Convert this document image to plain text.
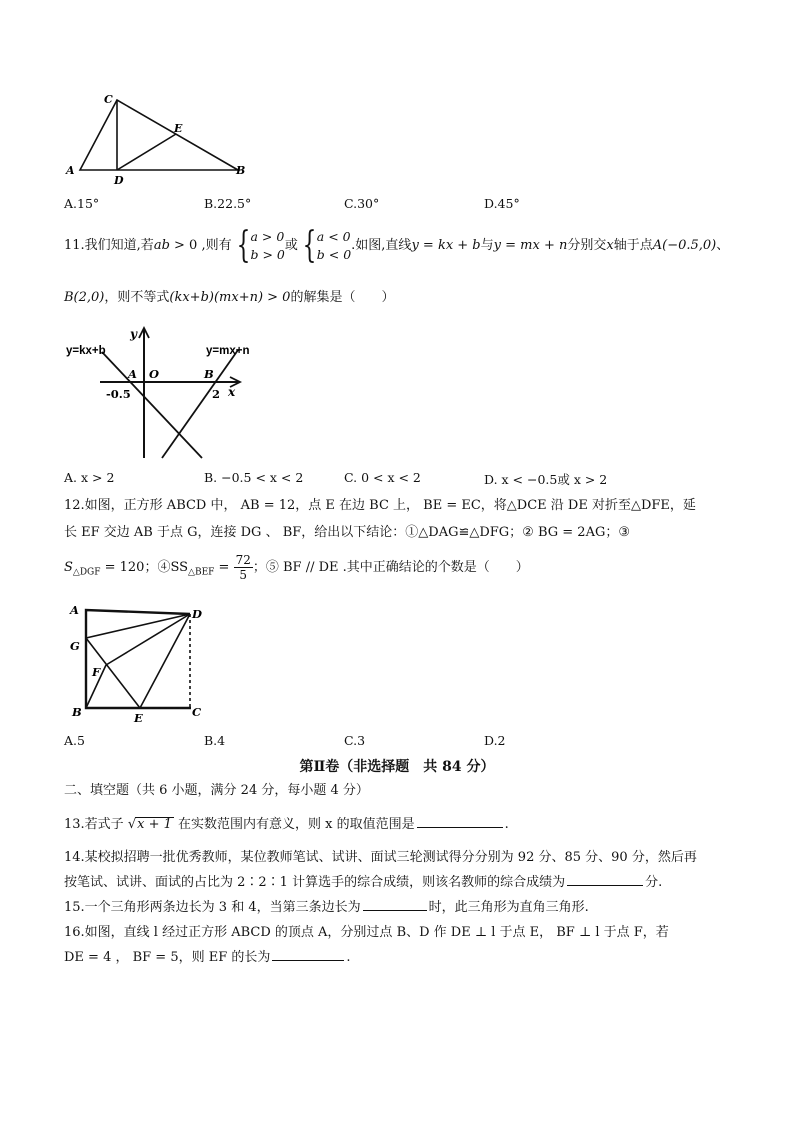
C
E
A
D
B
A.15°	B.22.5°	C.30°	D.45°
11.我们知道,若ab > 0 ,则有 {a > 0
b > 0或 {a < 0
b < 0.如图,直线y = kx + b与y = mx + n分别交x轴于点A(−0.5,0)、
B(2,0)，则不等式(kx+b)(mx+n) > 0的解集是（　　）
y
y=kx+b	y=mx+n
A O	B
-0.5	2 x
A. x > 2	B. −0.5 < x < 2	C. 0 < x < 2	D. x < −0.5或 x > 2
12.如图，正方形 ABCD 中， AB = 12，点 E 在边 BC 上， BE = EC，将△DCE 沿 DE 对折至△DFE，延
长 EF 交边 AB 于点 G，连接 DG 、 BF，给出以下结论：①△DAG≌△DFG；② BG = 2AG；③
$S_{\triangle DGF} = 120$；$④SS_{\triangle BEF} = \frac{72}{5}$ ；⑤ BF // DE .其中正确结论的个数是（　　）
A	D
G
F
B	E	C
A.5	B.4	C.3	D.2
第Ⅱ卷（非选择题　共 84 分）
二、填空题（共 6 小题，满分 24 分，每小题 4 分）
13.若式子 √x + 1 在实数范围内有意义，则 x 的取值范围是	.
14.某校拟招聘一批优秀教师，某位教师笔试、试讲、面试三轮测试得分分别为 92 分、85 分、90 分，然后再
按笔试、试讲、面试的占比为 2∶2∶1 计算选手的综合成绩，则该名教师的综合成绩为	分.
15.一个三角形两条边长为 3 和 4，当第三条边长为	时，此三角形为直角三角形.
16.如图，直线 l 经过正方形 ABCD 的顶点 A，分别过点 B、D 作 DE ⊥ l 于点 E， BF ⊥ l 于点 F，若
DE = 4 ， BF = 5，则 EF 的长为	.
